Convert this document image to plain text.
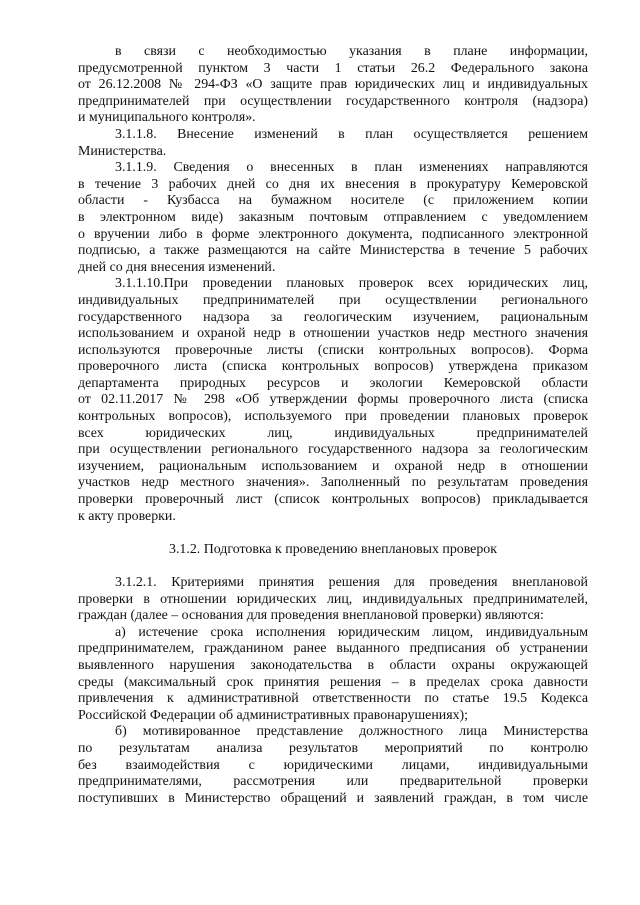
в связи с необходимостью указания в плане информации,
предусмотренной пунктом 3 части 1 статьи 26.2 Федерального закона
от 26.12.2008 № 294-ФЗ «О защите прав юридических лиц и индивидуальных
предпринимателей при осуществлении государственного контроля (надзора)
и муниципального контроля».
3.1.1.8. Внесение изменений в план осуществляется решением
Министерства.
3.1.1.9. Сведения о внесенных в план изменениях направляются
в течение 3 рабочих дней со дня их внесения в прокуратуру Кемеровской
области - Кузбасса на бумажном носителе (с приложением копии
в электронном виде) заказным почтовым отправлением с уведомлением
о вручении либо в форме электронного документа, подписанного электронной
подписью, а также размещаются на сайте Министерства в течение 5 рабочих
дней со дня внесения изменений.
3.1.1.10.При проведении плановых проверок всех юридических лиц,
индивидуальных предпринимателей при осуществлении регионального
государственного надзора за геологическим изучением, рациональным
использованием и охраной недр в отношении участков недр местного значения
используются проверочные листы (списки контрольных вопросов). Форма
проверочного листа (списка контрольных вопросов) утверждена приказом
департамента природных ресурсов и экологии Кемеровской области
от 02.11.2017 № 298 «Об утверждении формы проверочного листа (списка
контрольных вопросов), используемого при проведении плановых проверок
всех юридических лиц, индивидуальных предпринимателей
при осуществлении регионального государственного надзора за геологическим
изучением, рациональным использованием и охраной недр в отношении
участков недр местного значения». Заполненный по результатам проведения
проверки проверочный лист (список контрольных вопросов) прикладывается
к акту проверки.
3.1.2. Подготовка к проведению внеплановых проверок
3.1.2.1. Критериями принятия решения для проведения внеплановой
проверки в отношении юридических лиц, индивидуальных предпринимателей,
граждан (далее – основания для проведения внеплановой проверки) являются:
а) истечение срока исполнения юридическим лицом, индивидуальным
предпринимателем, гражданином ранее выданного предписания об устранении
выявленного нарушения законодательства в области охраны окружающей
среды (максимальный срок принятия решения – в пределах срока давности
привлечения к административной ответственности по статье 19.5 Кодекса
Российской Федерации об административных правонарушениях);
б) мотивированное представление должностного лица Министерства
по результатам анализа результатов мероприятий по контролю
без взаимодействия с юридическими лицами, индивидуальными
предпринимателями, рассмотрения или предварительной проверки
поступивших в Министерство обращений и заявлений граждан, в том числе
